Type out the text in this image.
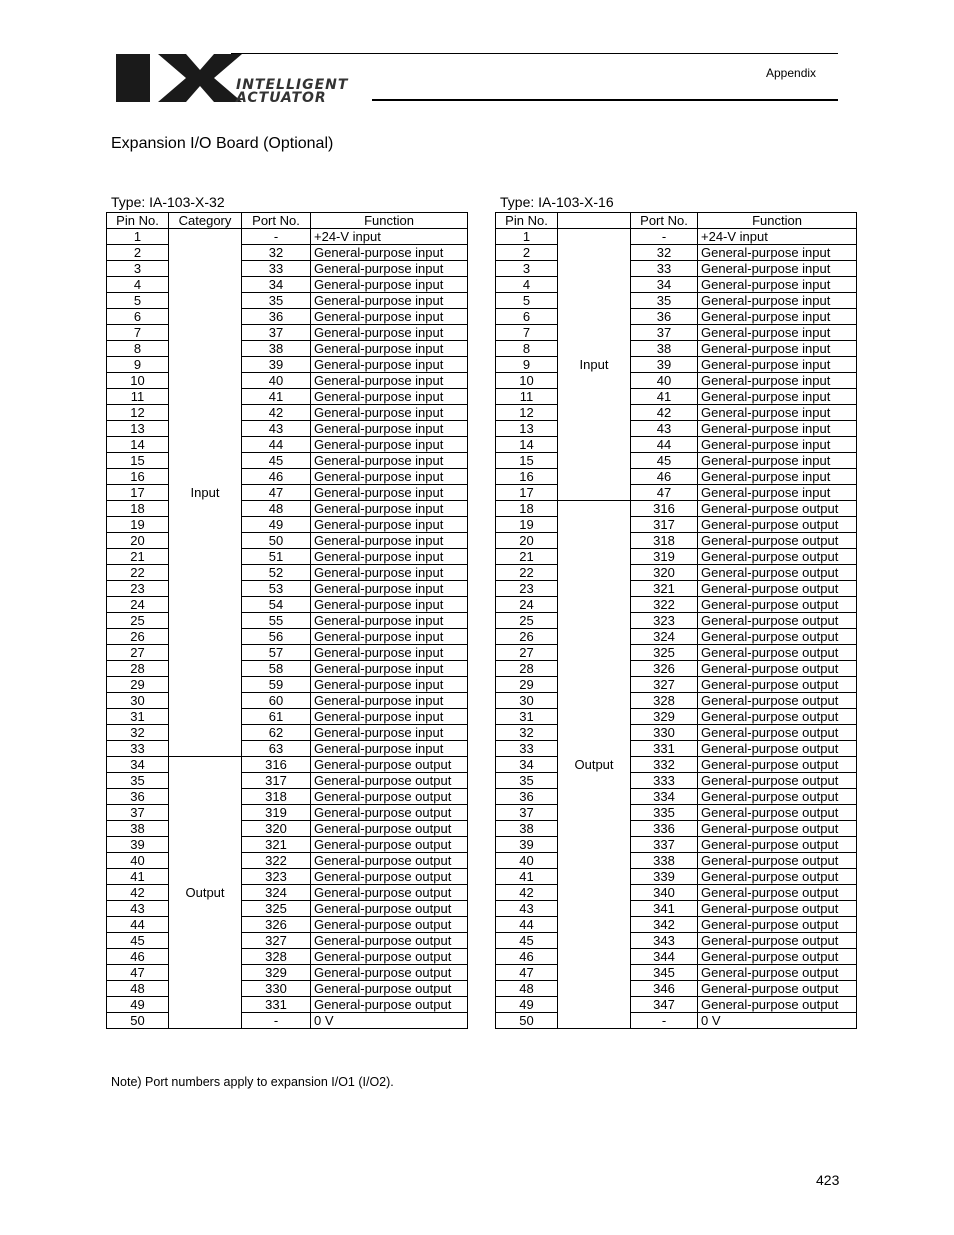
INTELLIGENT
ACTUATOR
Appendix
Expansion I/O Board (Optional)
Type: IA-103-X-32	Type: IA-103-X-16
Pin No.	Category	Port No.	Function
1	Input	-	+24-V input
2		32	General-purpose input
3		33	General-purpose input
4		34	General-purpose input
5		35	General-purpose input
6		36	General-purpose input
7		37	General-purpose input
8		38	General-purpose input
9		39	General-purpose input
10		40	General-purpose input
11		41	General-purpose input
12		42	General-purpose input
13		43	General-purpose input
14		44	General-purpose input
15		45	General-purpose input
16		46	General-purpose input
17		47	General-purpose input
18		48	General-purpose input
19		49	General-purpose input
20		50	General-purpose input
21		51	General-purpose input
22		52	General-purpose input
23		53	General-purpose input
24		54	General-purpose input
25		55	General-purpose input
26		56	General-purpose input
27		57	General-purpose input
28		58	General-purpose input
29		59	General-purpose input
30		60	General-purpose input
31		61	General-purpose input
32		62	General-purpose input
33		63	General-purpose input
34	Output	316	General-purpose output
35		317	General-purpose output
36		318	General-purpose output
37		319	General-purpose output
38		320	General-purpose output
39		321	General-purpose output
40		322	General-purpose output
41		323	General-purpose output
42		324	General-purpose output
43		325	General-purpose output
44		326	General-purpose output
45		327	General-purpose output
46		328	General-purpose output
47		329	General-purpose output
48		330	General-purpose output
49		331	General-purpose output
50		-	0 V
Pin No.		Port No.	Function
1	Input	-	+24-V input
2		32	General-purpose input
3		33	General-purpose input
4		34	General-purpose input
5		35	General-purpose input
6		36	General-purpose input
7		37	General-purpose input
8		38	General-purpose input
9		39	General-purpose input
10		40	General-purpose input
11		41	General-purpose input
12		42	General-purpose input
13		43	General-purpose input
14		44	General-purpose input
15		45	General-purpose input
16		46	General-purpose input
17		47	General-purpose input
18	Output	316	General-purpose output
19		317	General-purpose output
20		318	General-purpose output
21		319	General-purpose output
22		320	General-purpose output
23		321	General-purpose output
24		322	General-purpose output
25		323	General-purpose output
26		324	General-purpose output
27		325	General-purpose output
28		326	General-purpose output
29		327	General-purpose output
30		328	General-purpose output
31		329	General-purpose output
32		330	General-purpose output
33		331	General-purpose output
34		332	General-purpose output
35		333	General-purpose output
36		334	General-purpose output
37		335	General-purpose output
38		336	General-purpose output
39		337	General-purpose output
40		338	General-purpose output
41		339	General-purpose output
42		340	General-purpose output
43		341	General-purpose output
44		342	General-purpose output
45		343	General-purpose output
46		344	General-purpose output
47		345	General-purpose output
48		346	General-purpose output
49		347	General-purpose output
50		-	0 V
Note) Port numbers apply to expansion I/O1 (I/O2).
423
